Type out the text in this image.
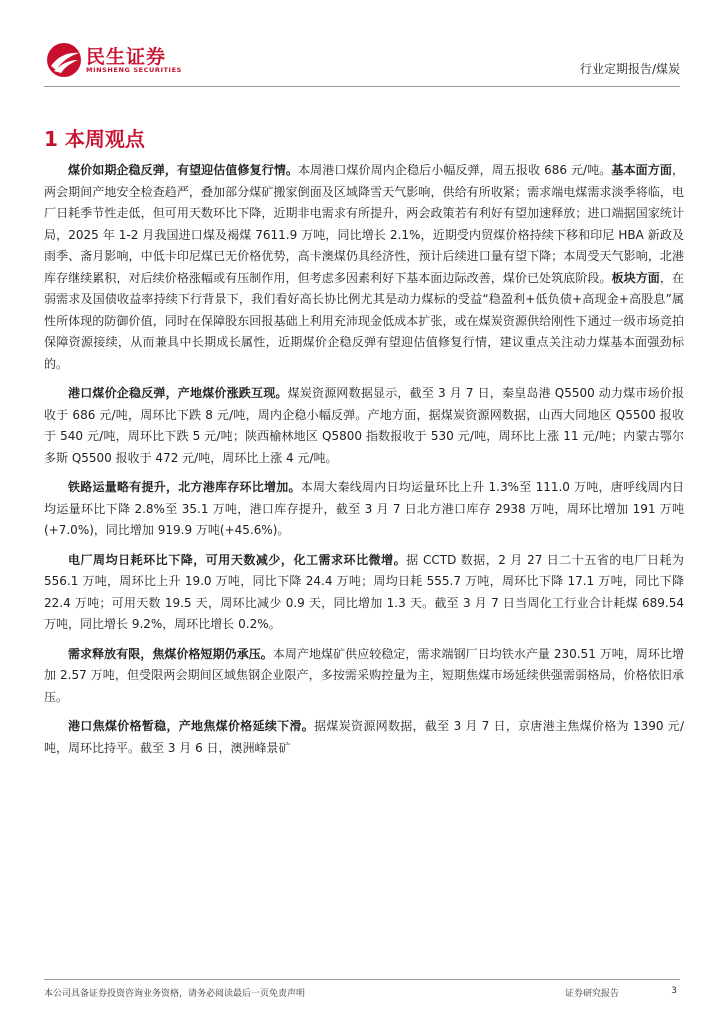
民生证券
MINSHENG SECURITIES	行业定期报告/煤炭
1 本周观点

煤价如期企稳反弹，有望迎估值修复行情。本周港口煤价周内企稳后小幅反弹，周五报收 686 元/吨。基本面方面，两会期间产地安全检查趋严，叠加部分煤矿搬家倒面及区域降雪天气影响，供给有所收紧；需求端电煤需求淡季将临，电厂日耗季节性走低，但可用天数环比下降，近期非电需求有所提升，两会政策若有利好有望加速释放；进口端据国家统计局，2025 年 1-2 月我国进口煤及褐煤 7611.9 万吨，同比增长 2.1%，近期受内贸煤价格持续下移和印尼 HBA 新政及雨季、斋月影响，中低卡印尼煤已无价格优势，高卡澳煤仍具经济性，预计后续进口量有望下降；本周受天气影响，北港库存继续累积，对后续价格涨幅或有压制作用，但考虑多因素利好下基本面边际改善，煤价已处筑底阶段。板块方面，在弱需求及国债收益率持续下行背景下，我们看好高长协比例尤其是动力煤标的受益“稳盈利+低负债+高现金+高股息”属性所体现的防御价值，同时在保障股东回报基础上利用充沛现金低成本扩张，或在煤炭资源供给刚性下通过一级市场竞拍保障资源接续，从而兼具中长期成长属性，近期煤价企稳反弹有望迎估值修复行情，建议重点关注动力煤基本面强劲标的。

港口煤价企稳反弹，产地煤价涨跌互现。煤炭资源网数据显示，截至 3 月 7 日，秦皇岛港 Q5500 动力煤市场价报收于 686 元/吨，周环比下跌 8 元/吨，周内企稳小幅反弹。产地方面，据煤炭资源网数据，山西大同地区 Q5500 报收于 540 元/吨，周环比下跌 5 元/吨；陕西榆林地区 Q5800 指数报收于 530 元/吨，周环比上涨 11 元/吨；内蒙古鄂尔多斯 Q5500 报收于 472 元/吨，周环比上涨 4 元/吨。

铁路运量略有提升，北方港库存环比增加。本周大秦线周内日均运量环比上升 1.3%至 111.0 万吨，唐呼线周内日均运量环比下降 2.8%至 35.1 万吨，港口库存提升，截至 3 月 7 日北方港口库存 2938 万吨，周环比增加 191 万吨(+7.0%)，同比增加 919.9 万吨(+45.6%)。

电厂周均日耗环比下降，可用天数减少，化工需求环比微增。据 CCTD 数据，2 月 27 日二十五省的电厂日耗为 556.1 万吨，周环比上升 19.0 万吨，同比下降 24.4 万吨；周均日耗 555.7 万吨，周环比下降 17.1 万吨，同比下降 22.4 万吨；可用天数 19.5 天，周环比减少 0.9 天，同比增加 1.3 天。截至 3 月 7 日当周化工行业合计耗煤 689.54 万吨，同比增长 9.2%，周环比增长 0.2%。

需求释放有限，焦煤价格短期仍承压。本周产地煤矿供应较稳定，需求端钢厂日均铁水产量 230.51 万吨，周环比增加 2.57 万吨，但受限两会期间区域焦钢企业限产，多按需采购控量为主，短期焦煤市场延续供强需弱格局，价格依旧承压。

港口焦煤价格暂稳，产地焦煤价格延续下滑。据煤炭资源网数据，截至 3 月 7 日，京唐港主焦煤价格为 1390 元/吨，周环比持平。截至 3 月 6 日，澳洲峰景矿

本公司具备证券投资咨询业务资格，请务必阅读最后一页免责声明	证券研究报告	3
